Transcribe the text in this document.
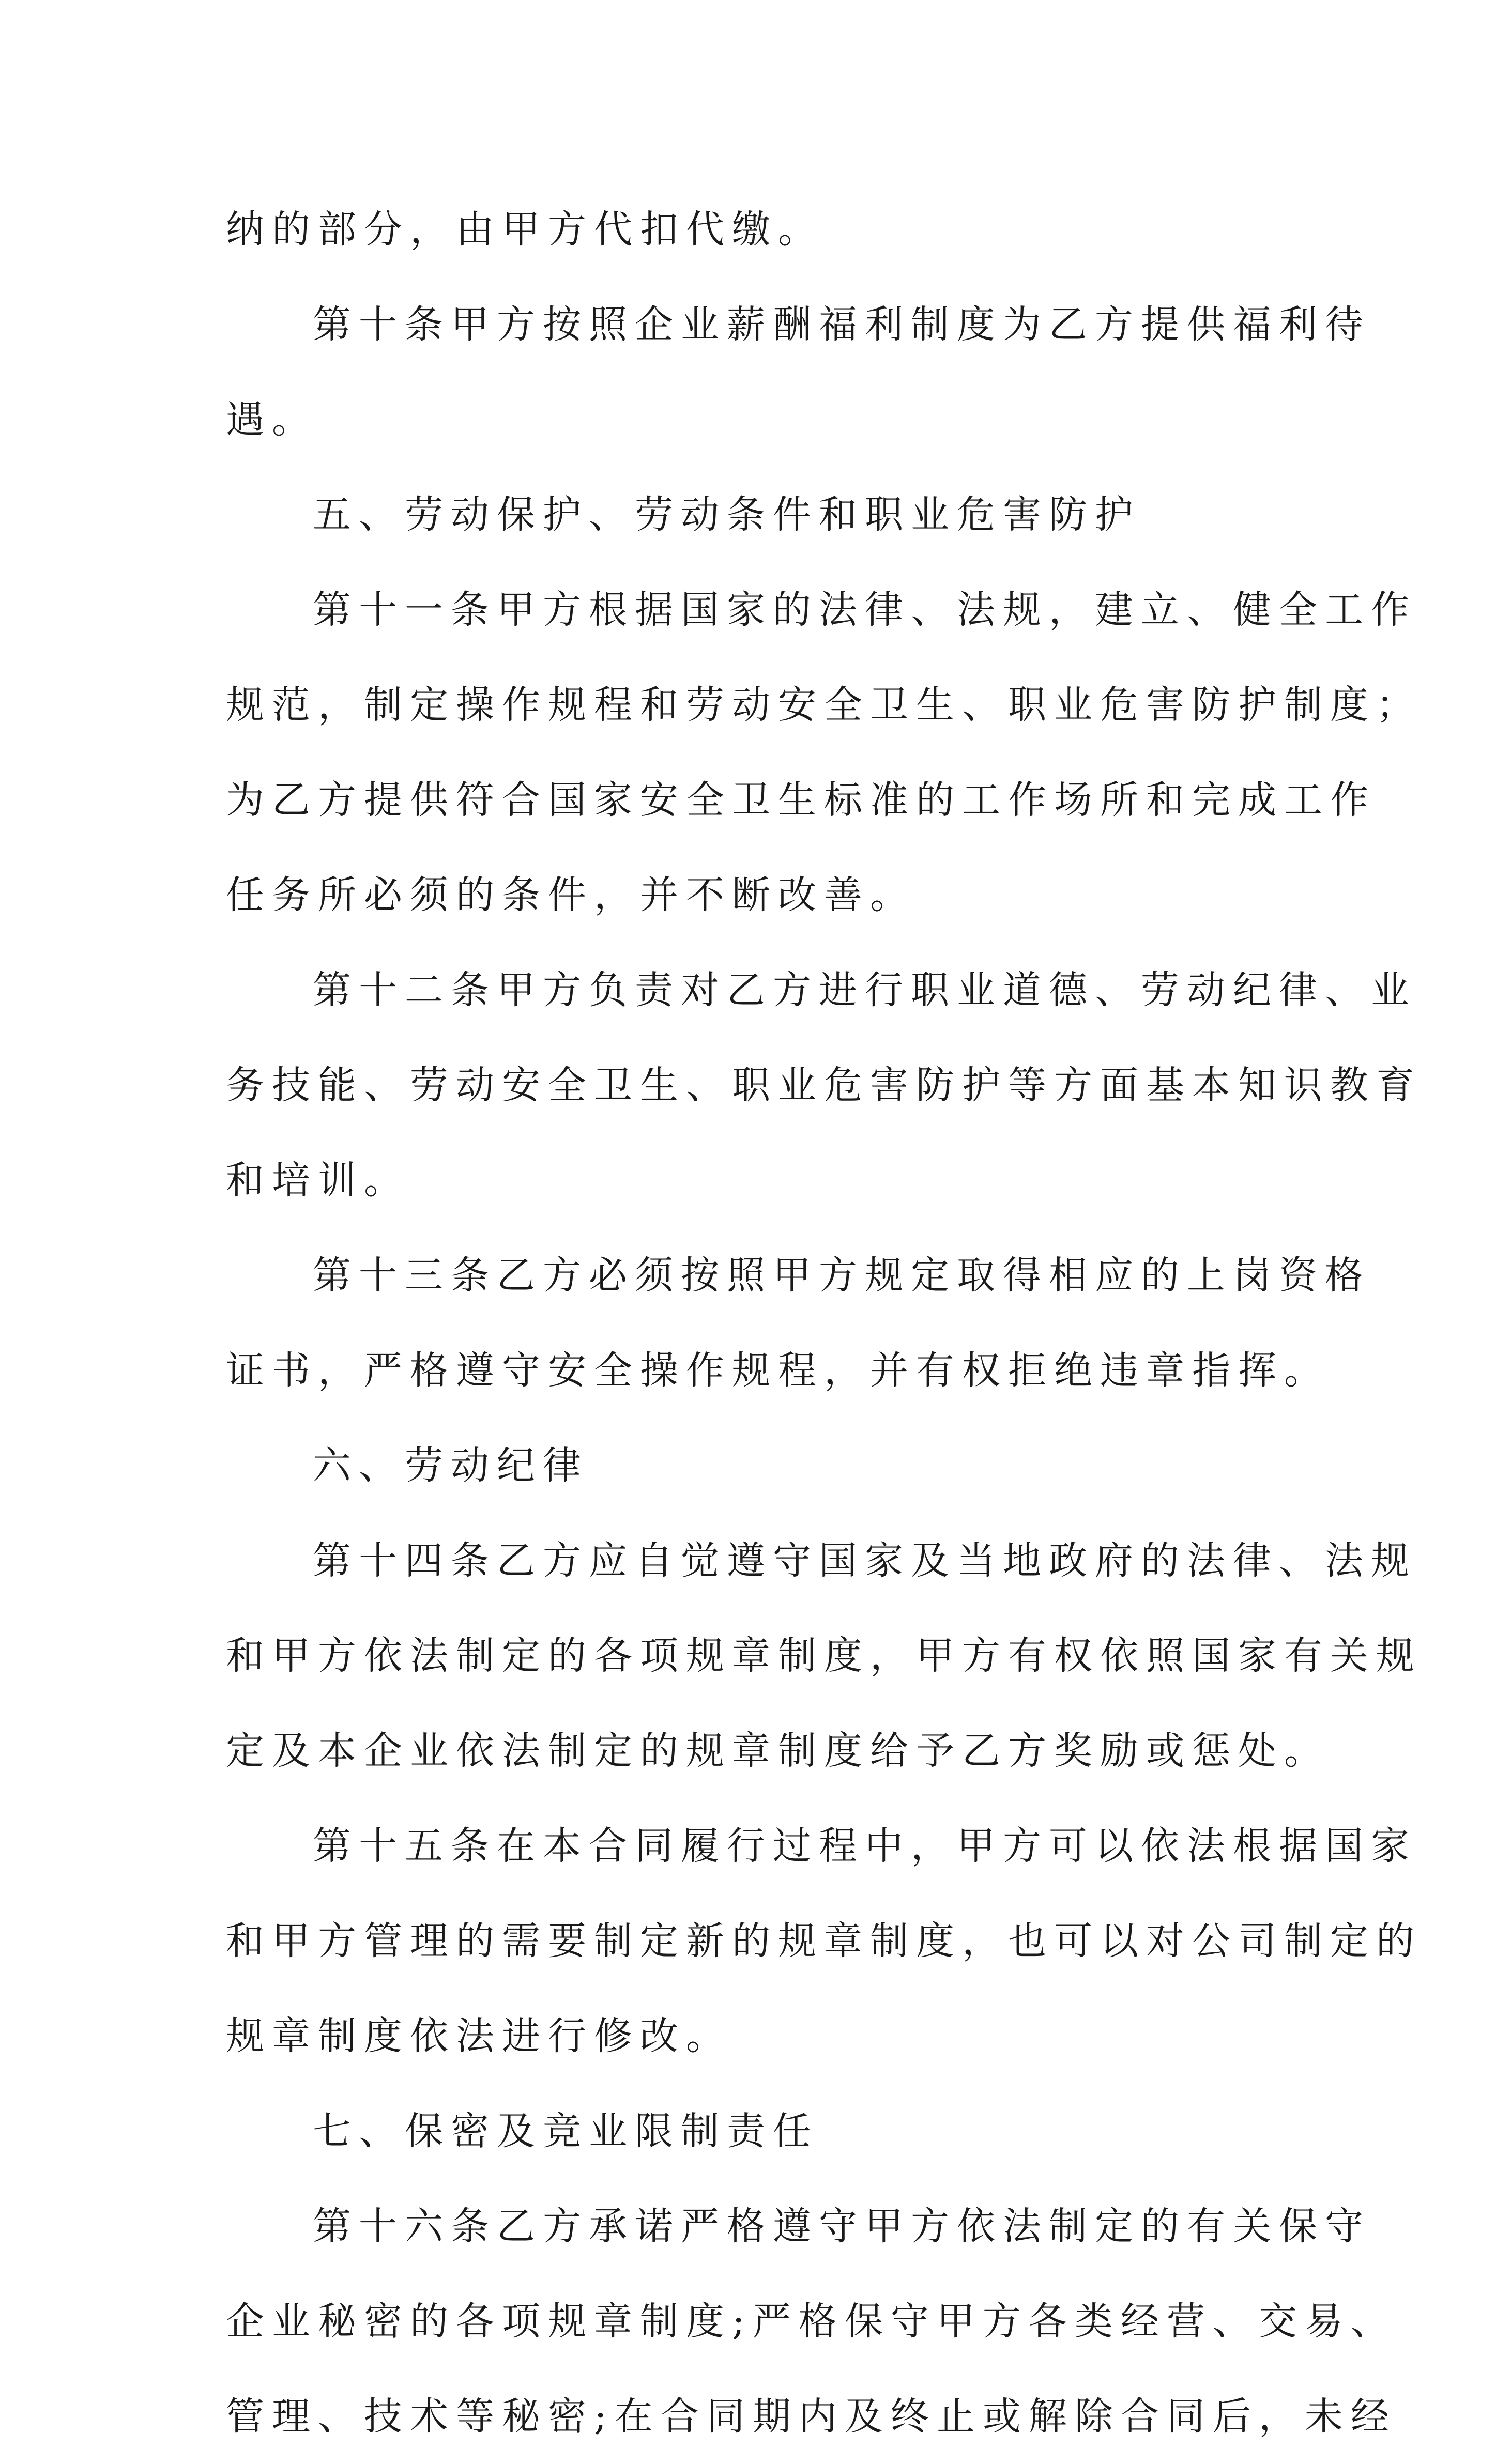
纳的部分，由甲方代扣代缴。
第十条甲方按照企业薪酬福利制度为乙方提供福利待
遇。
五、劳动保护、劳动条件和职业危害防护
第十一条甲方根据国家的法律、法规，建立、健全工作
规范，制定操作规程和劳动安全卫生、职业危害防护制度；
为乙方提供符合国家安全卫生标准的工作场所和完成工作
任务所必须的条件，并不断改善。
第十二条甲方负责对乙方进行职业道德、劳动纪律、业
务技能、劳动安全卫生、职业危害防护等方面基本知识教育
和培训。
第十三条乙方必须按照甲方规定取得相应的上岗资格
证书，严格遵守安全操作规程，并有权拒绝违章指挥。
六、劳动纪律
第十四条乙方应自觉遵守国家及当地政府的法律、法规
和甲方依法制定的各项规章制度，甲方有权依照国家有关规
定及本企业依法制定的规章制度给予乙方奖励或惩处。
第十五条在本合同履行过程中，甲方可以依法根据国家
和甲方管理的需要制定新的规章制度，也可以对公司制定的
规章制度依法进行修改。
七、保密及竞业限制责任
第十六条乙方承诺严格遵守甲方依法制定的有关保守
企业秘密的各项规章制度;严格保守甲方各类经营、交易、
管理、技术等秘密;在合同期内及终止或解除合同后，未经
